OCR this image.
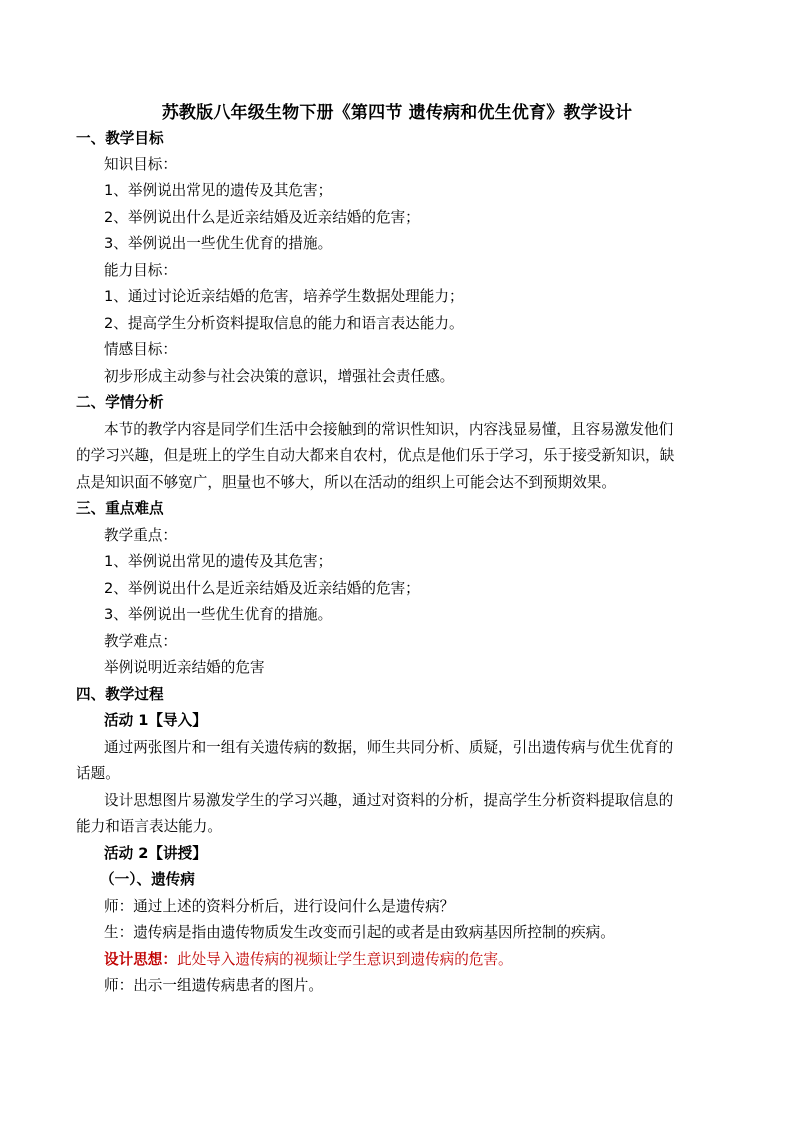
苏教版八年级生物下册《第四节 遗传病和优生优育》教学设计
一、教学目标
知识目标：
1、举例说出常见的遗传及其危害；
2、举例说出什么是近亲结婚及近亲结婚的危害；
3、举例说出一些优生优育的措施。
能力目标：
1、通过讨论近亲结婚的危害，培养学生数据处理能力；
2、提高学生分析资料提取信息的能力和语言表达能力。
情感目标：
初步形成主动参与社会决策的意识，增强社会责任感。
二、学情分析
本节的教学内容是同学们生活中会接触到的常识性知识，内容浅显易懂，且容易激发他们
的学习兴趣，但是班上的学生自动大都来自农村，优点是他们乐于学习，乐于接受新知识，缺
点是知识面不够宽广，胆量也不够大，所以在活动的组织上可能会达不到预期效果。
三、重点难点
教学重点：
1、举例说出常见的遗传及其危害；
2、举例说出什么是近亲结婚及近亲结婚的危害；
3、举例说出一些优生优育的措施。
教学难点：
举例说明近亲结婚的危害
四、教学过程
活动 1【导入】
通过两张图片和一组有关遗传病的数据，师生共同分析、质疑，引出遗传病与优生优育的
话题。
设计思想图片易激发学生的学习兴趣，通过对资料的分析，提高学生分析资料提取信息的
能力和语言表达能力。
活动 2【讲授】
（一）、遗传病
师：通过上述的资料分析后，进行设问什么是遗传病？
生：遗传病是指由遗传物质发生改变而引起的或者是由致病基因所控制的疾病。
设计思想：此处导入遗传病的视频让学生意识到遗传病的危害。
师：出示一组遗传病患者的图片。
